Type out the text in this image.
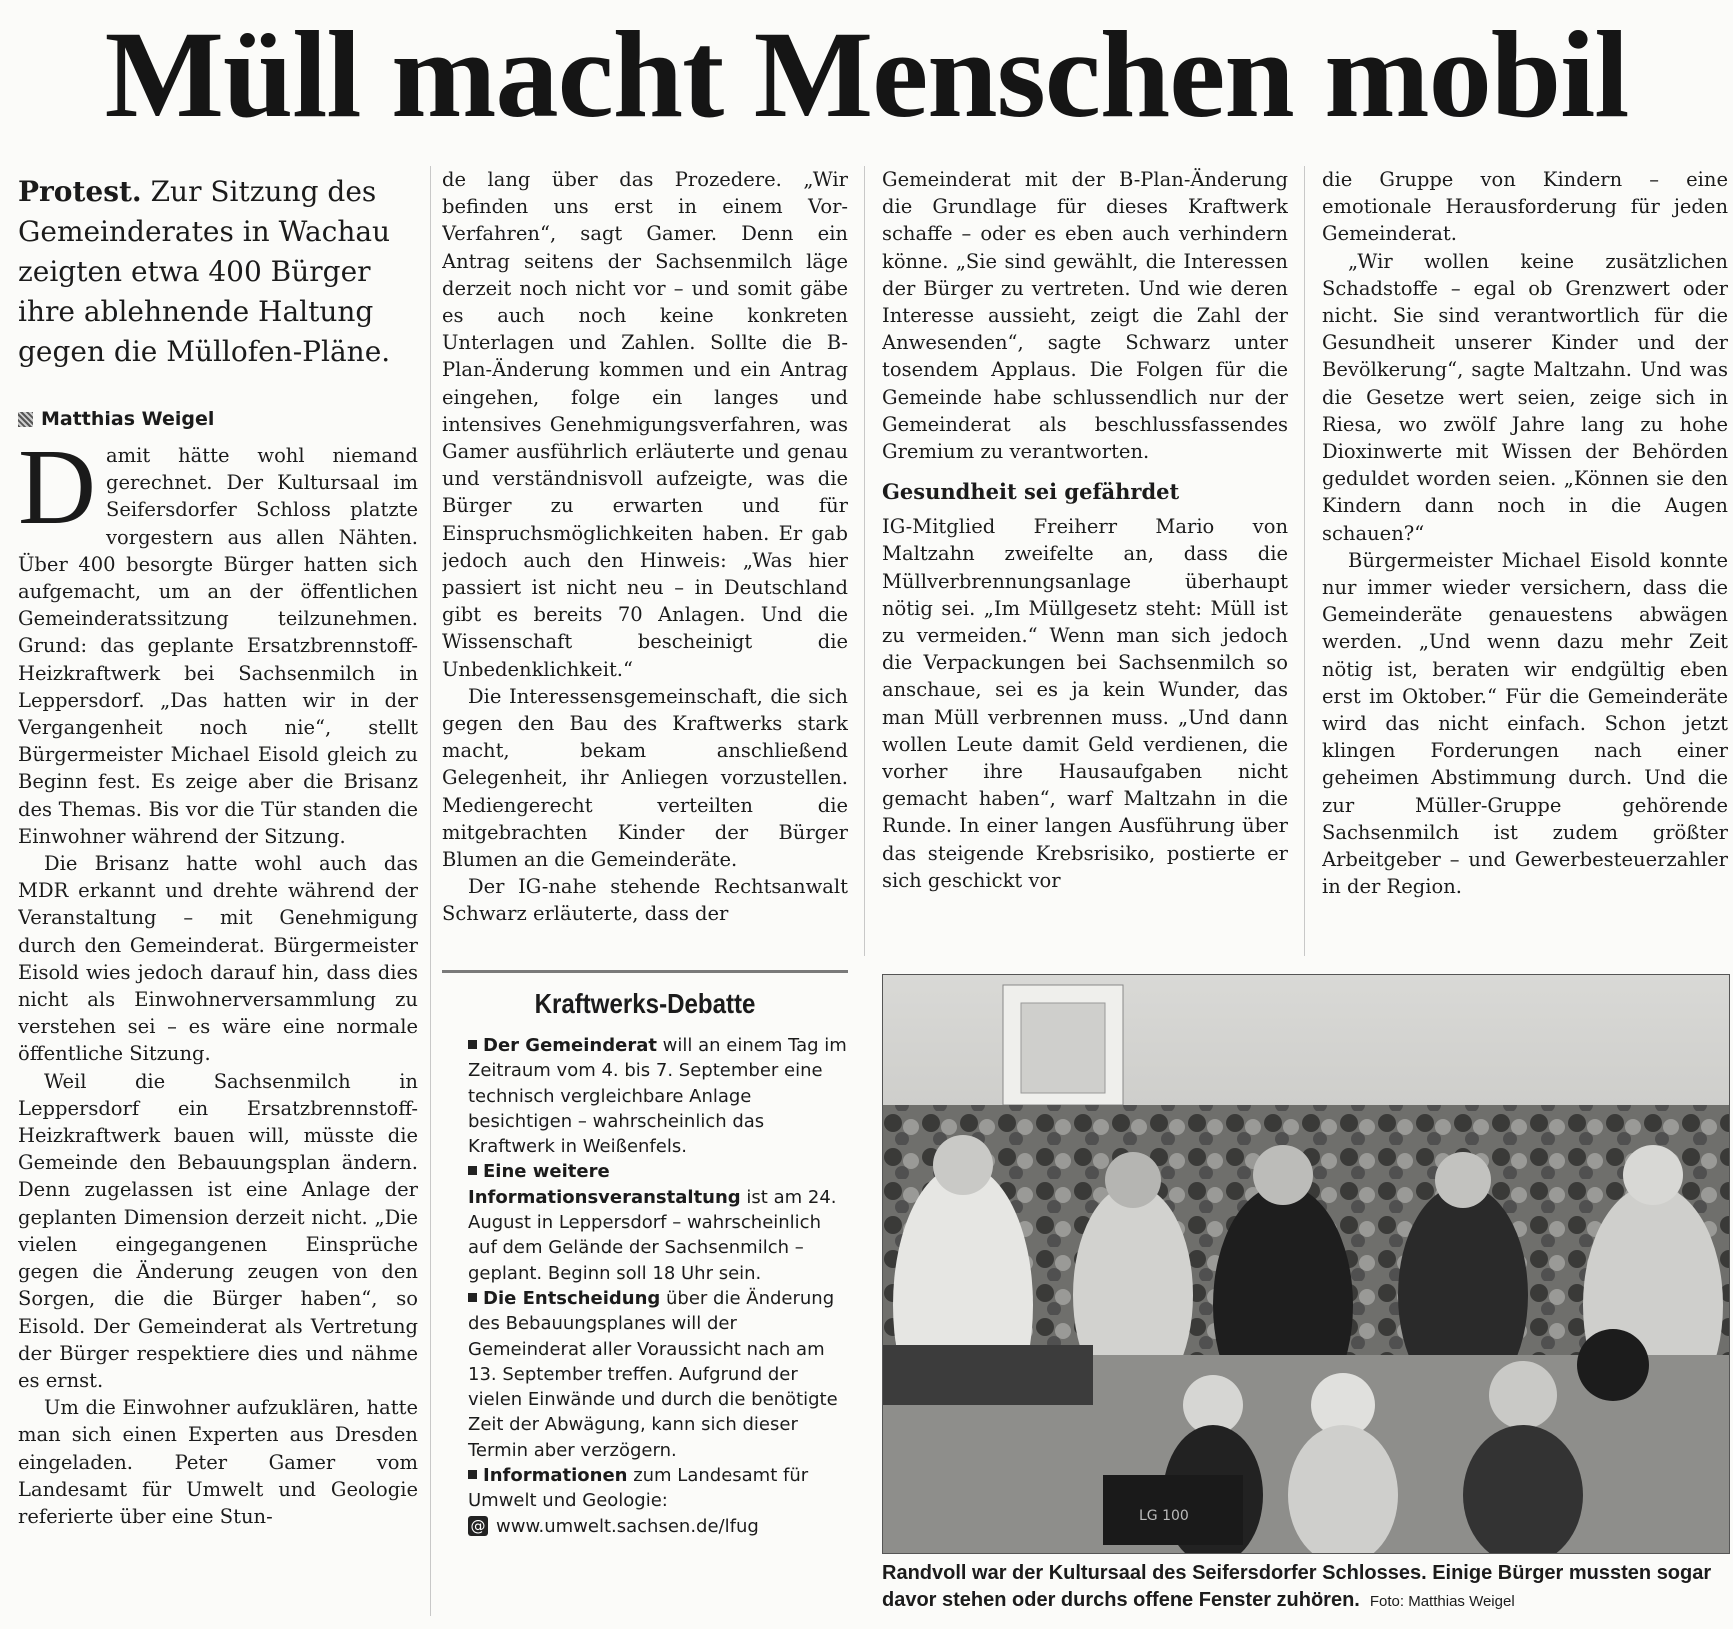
Müll macht Menschen mobil
Protest. Zur Sitzung des Gemeinderates in Wachau zeigten etwa 400 Bürger ihre ablehnende Haltung gegen die Müllofen-Pläne.
Matthias Weigel

Damit hätte wohl niemand gerechnet. Der Kultursaal im Seifersdorfer Schloss platzte vorgestern aus allen Nähten. Über 400 besorgte Bürger hatten sich aufgemacht, um an der öffentlichen Gemeinderatssitzung teilzunehmen. Grund: das geplante Ersatzbrennstoff-Heizkraftwerk bei Sachsenmilch in Leppersdorf. „Das hatten wir in der Vergangenheit noch nie“, stellt Bürgermeister Michael Eisold gleich zu Beginn fest. Es zeige aber die Brisanz des Themas. Bis vor die Tür standen die Einwohner während der Sitzung.

Die Brisanz hatte wohl auch das MDR erkannt und drehte während der Veranstaltung – mit Genehmigung durch den Gemeinderat. Bürgermeister Eisold wies jedoch darauf hin, dass dies nicht als Einwohnerversammlung zu verstehen sei – es wäre eine normale öffentliche Sitzung.

Weil die Sachsenmilch in Leppersdorf ein Ersatzbrennstoff-Heizkraftwerk bauen will, müsste die Gemeinde den Bebauungsplan ändern. Denn zugelassen ist eine Anlage der geplanten Dimension derzeit nicht. „Die vielen eingegangenen Einsprüche gegen die Änderung zeugen von den Sorgen, die die Bürger haben“, so Eisold. Der Gemeinderat als Vertretung der Bürger respektiere dies und nähme es ernst.

Um die Einwohner aufzuklären, hatte man sich einen Experten aus Dresden eingeladen. Peter Gamer vom Landesamt für Umwelt und Geologie referierte über eine Stun-

de lang über das Prozedere. „Wir befinden uns erst in einem Vor-Verfahren“, sagt Gamer. Denn ein Antrag seitens der Sachsenmilch läge derzeit noch nicht vor – und somit gäbe es auch noch keine konkreten Unterlagen und Zahlen. Sollte die B-Plan-Änderung kommen und ein Antrag eingehen, folge ein langes und intensives Genehmigungsverfahren, was Gamer ausführlich erläuterte und genau und verständnisvoll aufzeigte, was die Bürger zu erwarten und für Einspruchsmöglichkeiten haben. Er gab jedoch auch den Hinweis: „Was hier passiert ist nicht neu – in Deutschland gibt es bereits 70 Anlagen. Und die Wissenschaft bescheinigt die Unbedenklichkeit.“

Die Interessensgemeinschaft, die sich gegen den Bau des Kraftwerks stark macht, bekam anschließend Gelegenheit, ihr Anliegen vorzustellen. Mediengerecht verteilten die mitgebrachten Kinder der Bürger Blumen an die Gemeinderäte.

Der IG-nahe stehende Rechtsanwalt Schwarz erläuterte, dass der

Gemeinderat mit der B-Plan-Änderung die Grundlage für dieses Kraftwerk schaffe – oder es eben auch verhindern könne. „Sie sind gewählt, die Interessen der Bürger zu vertreten. Und wie deren Interesse aussieht, zeigt die Zahl der Anwesenden“, sagte Schwarz unter tosendem Applaus. Die Folgen für die Gemeinde habe schlussendlich nur der Gemeinderat als beschlussfassendes Gremium zu verantworten.

Gesundheit sei gefährdet

IG-Mitglied Freiherr Mario von Maltzahn zweifelte an, dass die Müllverbrennungsanlage überhaupt nötig sei. „Im Müllgesetz steht: Müll ist zu vermeiden.“ Wenn man sich jedoch die Verpackungen bei Sachsenmilch so anschaue, sei es ja kein Wunder, das man Müll verbrennen muss. „Und dann wollen Leute damit Geld verdienen, die vorher ihre Hausaufgaben nicht gemacht haben“, warf Maltzahn in die Runde. In einer langen Ausführung über das steigende Krebsrisiko, postierte er sich geschickt vor

die Gruppe von Kindern – eine emotionale Herausforderung für jeden Gemeinderat.

„Wir wollen keine zusätzlichen Schadstoffe – egal ob Grenzwert oder nicht. Sie sind verantwortlich für die Gesundheit unserer Kinder und der Bevölkerung“, sagte Maltzahn. Und was die Gesetze wert seien, zeige sich in Riesa, wo zwölf Jahre lang zu hohe Dioxinwerte mit Wissen der Behörden geduldet worden seien. „Können sie den Kindern dann noch in die Augen schauen?“

Bürgermeister Michael Eisold konnte nur immer wieder versichern, dass die Gemeinderäte genauestens abwägen werden. „Und wenn dazu mehr Zeit nötig ist, beraten wir endgültig eben erst im Oktober.“ Für die Gemeinderäte wird das nicht einfach. Schon jetzt klingen Forderungen nach einer geheimen Abstimmung durch. Und die zur Müller-Gruppe gehörende Sachsenmilch ist zudem größter Arbeitgeber – und Gewerbesteuerzahler in der Region.

Kraftwerks-Debatte
Der Gemeinderat will an einem Tag im Zeitraum vom 4. bis 7. September eine technisch vergleichbare Anlage besichtigen – wahrscheinlich das Kraftwerk in Weißenfels.
Eine weitere Informationsveranstaltung ist am 24. August in Leppersdorf – wahrscheinlich auf dem Gelände der Sachsenmilch – geplant. Beginn soll 18 Uhr sein.
Die Entscheidung über die Änderung des Bebauungsplanes will der Gemeinderat aller Voraussicht nach am 13. September treffen. Aufgrund der vielen Einwände und durch die benötigte Zeit der Abwägung, kann sich dieser Termin aber verzögern.
Informationen zum Landesamt für Umwelt und Geologie:
@ www.umwelt.sachsen.de/lfug	LG 100
Randvoll war der Kultursaal des Seifersdorfer Schlosses. Einige Bürger mussten sogar davor stehen oder durchs offene Fenster zuhören. Foto: Matthias Weigel
